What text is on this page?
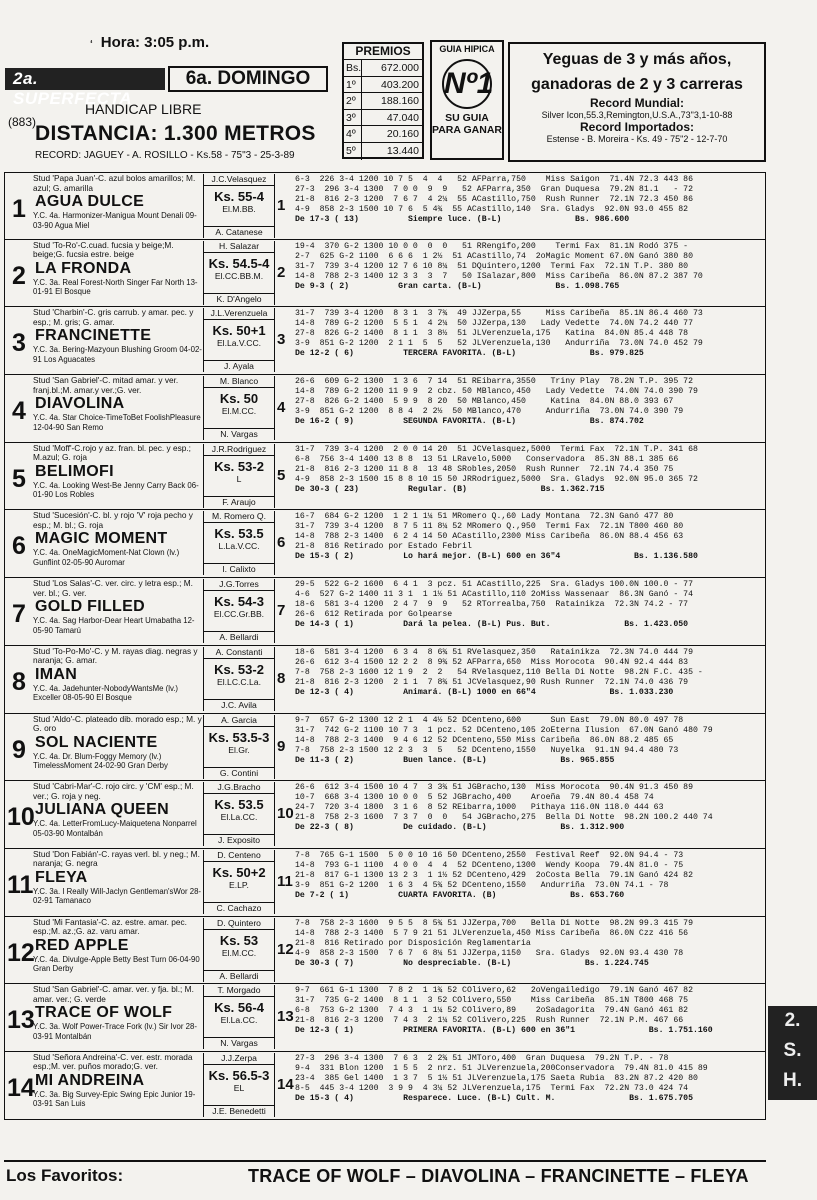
‘ Hora: 3:05 p.m.
2a. SUPERFECTA
6a. DOMINGO
HANDICAP LIBRE
(883)
DISTANCIA: 1.300 METROS
RECORD: JAGUEY - A. ROSILLO - Ks.58 - 75"3 - 25-3-89
PREMIOS
Bs.	672.000
1º	403.200
2º	188.160
3º	47.040
4º	20.160
5º	13.440
GUIA HIPICA
Nº1
SU GUIA
PARA GANAR
Yeguas de 3 y más años,
ganadoras de 2 y 3 carreras
Record Mundial:
Silver Icon,55.3,Remington,U.S.A.,73"3,1-10-88
Record Importados:
Estense - B. Moreira - Ks. 49 - 75"2 - 12-7-70
1
Stud 'Papa Juan'-C. azul bolos amarillos; M. azul; G. amarilla
AGUA DULCE
Y.C. 4a. Harmonizer-Manigua Mount Denali 09-03-90 Agua Miel
J.C.Velasquez
Ks. 55-4
El.M.BB.
A. Catanese
1
6-3  226 3-4 1200 10 7 5  4  4   52 AFParra,750    Miss Saigon  71.4N 72.3 443 86
27-3  296 3-4 1300  7 0 0  9  9   52 AFParra,350  Gran Duquesa  79.2N 81.1   - 72
21-8  816 2-3 1200  7 6 7  4 2¼  55 ACastillo,750  Rush Runner  72.1N 72.3 450 86
4-9  858 2-3 1500 10 7 6  5 4¾  55 ACastillo,140  Sra. Gladys  92.0N 93.0 455 82
De 17-3 ( 13)          Siempre luce. (B-L)               Bs. 986.600
2
Stud 'To-Ro'-C.cuad. fucsia y beige;M. beige;G. fucsia estre. beige
LA FRONDA
Y.C. 3a. Real Forest-North Singer Far North 13-01-91 El Bosque
H. Salazar
Ks. 54.5-4
El.CC.BB.M.
K. D'Angelo
2
19-4  370 G-2 1300 10 0 0  0  0   51 RRengifo,200    Termi Fax  81.1N Rodó 375 -
2-7  625 G-2 1100  6 6 6  1 2½  51 ACastillo,74  2oMagic Moment 67.0N Ganó 380 80
31-7  739 3-4 1200 12 7 6 10 8¼  51 DQuintero,1200  Termi Fax  72.1N T.P. 380 80
14-8  788 2-3 1400 12 3 3  3  7   50 ISalazar,800  Miss Caribeña  86.0N 87.2 387 70
De 9-3 ( 2)          Gran carta. (B-L)               Bs. 1.098.765
3
Stud 'Charbin'-C. gris carrub. y amar. pec. y esp.; M. gris; G. amar.
FRANCINETTE
Y.C. 3a. Bering-Mazyoun Blushing Groom 04-02-91 Los Aguacates
J.L.Verenzuela
Ks. 50+1
El.La.V.CC.
J. Ayala
3
31-7  739 3-4 1200  8 3 1  3 7¾  49 JJZerpa,55     Miss Caribeña  85.1N 86.4 460 73
14-8  789 G-2 1200  5 5 1  4 2¼  50 JJZerpa,130   Lady Vedette  74.0N 74.2 440 77
27-8  826 G-2 1400  8 1 1  3 8½  51 JLVerenzuela,175   Katina  84.0N 85.4 448 78
3-9  851 G-2 1200  2 1 1  5  5   52 JLVerenzuela,130   Andurriña  73.0N 74.0 452 79
De 12-2 ( 6)          TERCERA FAVORITA. (B-L)               Bs. 979.825
4
Stud 'San Gabriel'-C. mitad amar. y ver. franj.bl.;M. amar.y ver.;G. ver.
DIAVOLINA
Y.C. 4a. Star Choice-TimeToBet FoolishPleasure 12-04-90 San Remo
M. Blanco
Ks. 50
El.M.CC.
N. Vargas
4
26-6  609 G-2 1300  1 3 6  7 14  51 REibarra,3550   Triny Play  78.2N T.P. 395 72
14-8  789 G-2 1200 11 9 9  2 cbz. 50 MBlanco,450   Lady Vedette  74.0N 74.0 390 79
27-8  826 G-2 1400  5 9 9  8 20  50 MBlanco,450     Katina  84.0N 88.0 393 67
3-9  851 G-2 1200  8 8 4  2 2½  50 MBlanco,470     Andurriña  73.0N 74.0 390 79
De 16-2 ( 9)          SEGUNDA FAVORITA. (B-L)               Bs. 874.702
5
Stud 'Moff'-C.rojo y az. fran. bl. pec. y esp.; M.azul; G. roja
BELIMOFI
Y.C. 4a. Looking West-Be Jenny Carry Back 06-01-90 Los Robles
J.R.Rodriguez
Ks. 53-2
L
F. Araujo
5
31-7  739 3-4 1200  2 0 0 14 20  51 JCVelasquez,5000  Termi Fax  72.1N T.P. 341 68
6-8  756 3-4 1400 13 8 8  13 51 LRavelo,5000   Conservadora  85.3N 88.1 385 66
21-8  816 2-3 1200 11 8 8  13 48 SRobles,2050  Rush Runner  72.1N 74.4 350 75
4-9  858 2-3 1500 15 8 8 10 15 50 JRRodriguez,5000  Sra. Gladys  92.0N 95.0 365 72
De 30-3 ( 23)          Regular. (B)               Bs. 1.362.715
6
Stud 'Sucesión'-C. bl. y rojo 'V' roja pecho y esp.; M. bl.; G. roja
MAGIC MOMENT
Y.C. 4a. OneMagicMoment-Nat Clown (lv.) Gunflint 02-05-90 Auromar
M. Romero Q.
Ks. 53.5
L.La.V.CC.
I. Calixto
6
16-7  684 G-2 1200  1 2 1 1¼ 51 MRomero Q.,60 Lady Montana  72.3N Ganó 477 80
31-7  739 3-4 1200  8 7 5 11 8¼ 52 MRomero Q.,950  Termi Fax  72.1N T800 460 80
14-8  788 2-3 1400  6 2 4 14 50 ACastillo,2300 Miss Caribeña  86.0N 88.4 456 63
21-8  816 Retirado por Estado Febril
De 15-3 ( 2)          Lo hará mejor. (B-L) 600 en 36"4               Bs. 1.136.580
7
Stud 'Los Salas'-C. ver. circ. y letra esp.; M. ver. bl.; G. ver.
GOLD FILLED
Y.C. 4a. Sag Harbor-Dear Heart Umabatha 12-05-90 Tamarú
J.G.Torres
Ks. 54-3
El.CC.Gr.BB.
A. Bellardi
7
29-5  522 G-2 1600  6 4 1  3 pcz. 51 ACastillo,225  Sra. Gladys 100.0N 100.0 - 77
4-6  527 G-2 1400 11 3 1  1 1½ 51 ACastillo,110 2oMiss Wassenaar  86.3N Ganó - 74
18-6  581 3-4 1200  2 4 7  9  9   52 RTorrealba,750  Ratainikza  72.3N 74.2 - 77
26-6  612 Retirada por Golpearse
De 14-3 ( 1)          Dará la pelea. (B-L) Pus. But.               Bs. 1.423.050
8
Stud 'To-Po-Mo'-C. y M. rayas diag. negras y naranja; G. amar.
IMAN
Y.C. 4a. Jadehunter-NobodyWantsMe (lv.) Exceller 08-05-90 El Bosque
A. Constanti
Ks. 53-2
El.LC.C.La.
J.C. Avila
8
18-6  581 3-4 1200  6 3 4  8 6¾ 51 RVelasquez,350   Ratainikza  72.3N 74.0 444 79
26-6  612 3-4 1500 12 2 2  8 9¾ 52 AFParra,650  Miss Morocota  90.4N 92.4 444 83
7-8  758 2-3 1600 12 1 9  2  2   54 RVelasquez,110 Bella Di Notte  98.2N F.C. 435 -
21-8  816 2-3 1200  2 1 1  7 8¾ 51 JCVelasquez,90 Rush Runner  72.1N 74.0 436 79
De 12-3 ( 4)          Animará. (B-L) 1000 en 66"4               Bs. 1.033.230
9
Stud 'Aldo'-C. plateado dib. morado esp.; M. y G. oro
SOL NACIENTE
Y.C. 4a. Dr. Blum-Foggy Memory (lv.) TimelessMoment 24-02-90 Gran Derby
A. Garcia
Ks. 53.5-3
El.Gr.
G. Contini
9
9-7  657 G-2 1300 12 2 1  4 4½ 52 DCenteno,600      Sun East  79.0N 80.0 497 78
31-7  742 G-2 1100 10 7 3  1 pcz. 52 DCenteno,105 2oEterna Ilusion  67.0N Ganó 480 79
14-8  788 2-3 1400  9 4 6 12 52 DCenteno,550 Miss Caribeña  86.0N 88.2 485 65
7-8  758 2-3 1500 12 2 3  3  5   52 DCenteno,1550   Nuyelka  91.1N 94.4 480 73
De 11-3 ( 2)          Buen lance. (B-L)               Bs. 965.855
10
Stud 'Cabri-Mar'-C. rojo circ. y 'CM' esp.; M. ver.; G. roja y neg.
JULIANA QUEEN
Y.C. 4a. LetterFromLucy-Maiquetena Nonparrel 05-03-90 Montalbán
J.G.Bracho
Ks. 53.5
El.La.CC.
J. Exposito
10
26-6  612 3-4 1500 10 4 7  3 3¾ 51 JGBracho,130  Miss Morocota  90.4N 91.3 450 89
10-7  668 3-4 1300 10 0 0  5 52 JGBracho,400    Aroeña  79.4N 80.4 458 74
24-7  720 3-4 1800  3 1 6  8 52 REibarra,1000   Pithaya 116.0N 118.0 444 63
21-8  758 2-3 1600  7 3 7  0  0   54 JGBracho,275  Bella Di Notte  98.2N 100.2 440 74
De 22-3 ( 8)          De cuidado. (B-L)               Bs. 1.312.900
11
Stud 'Don Fabián'-C. rayas verl. bl. y neg.; M. naranja; G. negra
FLEYA
Y.C. 3a. I Really Will-Jaclyn Gentleman'sWor 28-02-91 Tamanaco
D. Centeno
Ks. 50+2
E.LP.
C. Cachazo
11
7-8  765 G-1 1500  5 0 0 10 16 50 DCenteno,2550  Festival Reef  92.0N 94.4 - 73
14-8  793 G-1 1100  4 0 0  4  4  52 DCenteno,1300  Wendy Koopa  79.4N 81.0 - 75
21-8  817 G-1 1300 13 2 3  1 1½ 52 DCenteno,429  2oCosta Bella  79.1N Ganó 424 82
3-9  851 G-2 1200  1 6 3  4 5¾ 52 DCenteno,1550   Andurriña  73.0N 74.1 - 78
De 7-2 ( 1)          CUARTA FAVORITA. (B)               Bs. 653.760
12
Stud 'Mi Fantasia'-C. az. estre. amar. pec. esp.;M. az.;G. az. varu amar.
RED APPLE
Y.C. 4a. Divulge-Apple Betty Best Turn 06-04-90 Gran Derby
D. Quintero
Ks. 53
El.M.CC.
A. Bellardi
12
7-8  758 2-3 1600  9 5 5  8 5¾ 51 JJZerpa,700   Bella Di Notte  98.2N 99.3 415 79
14-8  788 2-3 1400  5 7 9 21 51 JLVerenzuela,450 Miss Caribeña  86.0N Czz 416 56
21-8  816 Retirado por Disposición Reglamentaria
4-9  858 2-3 1500  7 6 7  6 8¼ 51 JJZerpa,1150   Sra. Gladys  92.0N 93.4 430 78
De 30-3 ( 7)          No despreciable. (B-L)               Bs. 1.224.745
13
Stud 'San Gabriel'-C. amar. ver. y fja. bl.; M. amar. ver.; G. verde
TRACE OF WOLF
Y.C. 3a. Wolf Power-Trace Fork (lv.) Sir Ivor 28-03-91 Montalbán
T. Morgado
Ks. 56-4
El.La.CC.
N. Vargas
13
9-7  661 G-1 1300  7 8 2  1 1¾ 52 COlivero,62   2oVengailedigo  79.1N Ganó 467 82
31-7  735 G-2 1400  8 1 1  3 52 COlivero,550    Miss Caribeña  85.1N T800 468 75
6-8  753 G-2 1300  7 4 3  1 1¼ 52 COlivero,89    2oSadagorita  79.4N Ganó 461 82
21-8  816 2-3 1200  7 4 3  2 1¼ 52 COlivero,225  Rush Runner  72.1N P.M. 467 66
De 12-3 ( 1)          PRIMERA FAVORITA. (B-L) 600 en 36"1               Bs. 1.751.160
14
Stud 'Señora Andreina'-C. ver. estr. morada esp.;M. ver. puños morado;G. ver.
MI ANDREINA
Y.C. 3a. Big Survey-Epic Swing Epic Junior 19-03-91 San Luis
J.J.Zerpa
Ks. 56.5-3
EL
J.E. Benedetti
14
27-3  296 3-4 1300  7 6 3  2 2¾ 51 JMToro,400  Gran Duquesa  79.2N T.P. - 78
9-4  331 Blon 1200  1 5 5  2 nrz. 51 JLVerenzuela,200Conservadora  79.4N 81.0 415 89
23-4  385 Gel 1400  1 3 7  5 1½ 51 JLVerenzuela,175 Saeta Rubia  83.2N 87.2 420 80
8-5  445 3-4 1200  3 9 9  4 3¼ 52 JLVerenzuela,175  Termi Fax  72.2N 73.0 424 74
De 15-3 ( 4)          Resparece. Luce. (B-L) Cult. M.               Bs. 1.675.705
2.
S.
H.
Los Favoritos:	TRACE OF WOLF – DIAVOLINA – FRANCINETTE – FLEYA
